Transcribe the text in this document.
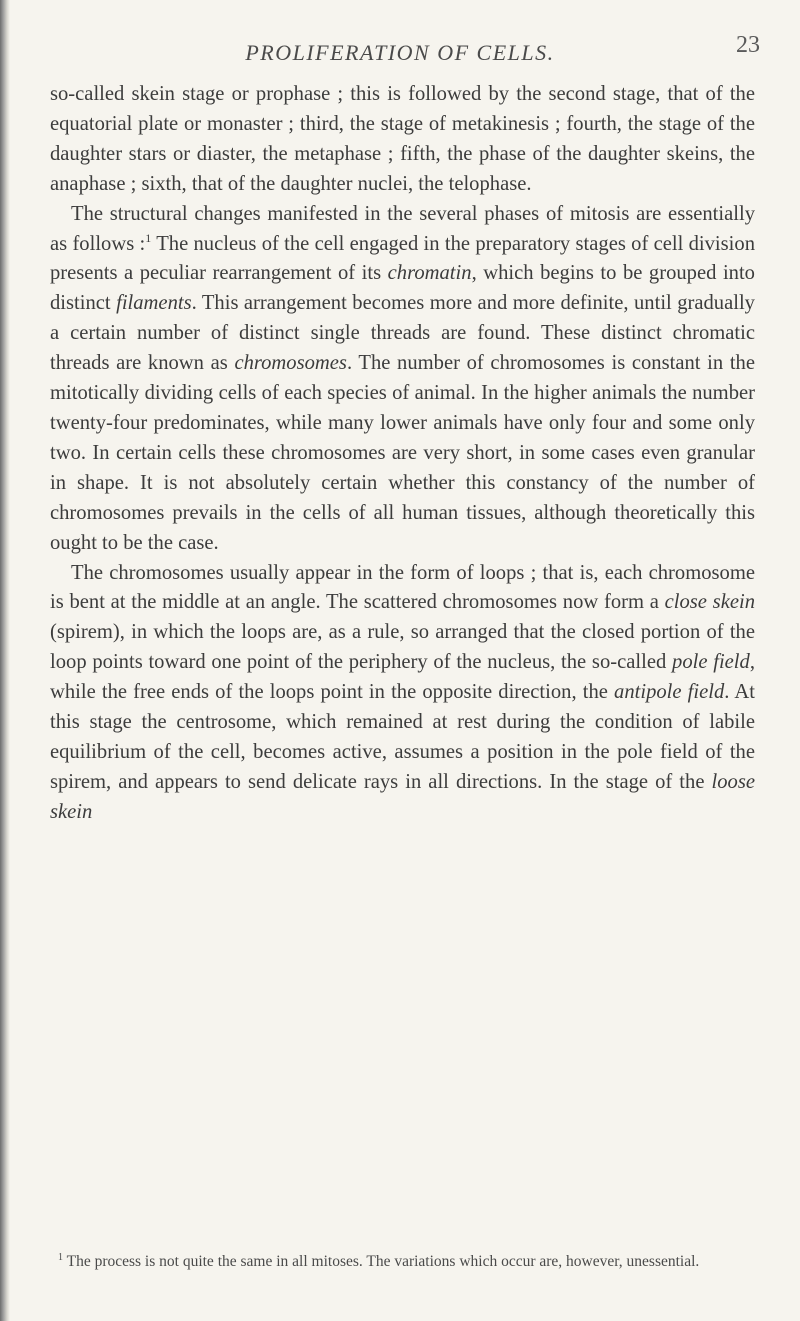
PROLIFERATION OF CELLS.	23

so-called skein stage or prophase ; this is followed by the second stage, that of the equatorial plate or monaster ; third, the stage of metakinesis ; fourth, the stage of the daughter stars or diaster, the metaphase ; fifth, the phase of the daughter skeins, the anaphase ; sixth, that of the daughter nuclei, the telophase.

The structural changes manifested in the several phases of mitosis are essentially as follows :$^1$ The nucleus of the cell engaged in the preparatory stages of cell division presents a peculiar rearrangement of its chromatin, which begins to be grouped into distinct filaments. This arrangement becomes more and more definite, until gradually a certain number of distinct single threads are found. These distinct chromatic threads are known as chromosomes. The number of chromosomes is constant in the mitotically dividing cells of each species of animal. In the higher animals the number twenty-four predominates, while many lower animals have only four and some only two. In certain cells these chromosomes are very short, in some cases even granular in shape. It is not absolutely certain whether this constancy of the number of chromosomes prevails in the cells of all human tissues, although theoretically this ought to be the case.

The chromosomes usually appear in the form of loops ; that is, each chromosome is bent at the middle at an angle. The scattered chromosomes now form a close skein (spirem), in which the loops are, as a rule, so arranged that the closed portion of the loop points toward one point of the periphery of the nucleus, the so-called pole field, while the free ends of the loops point in the opposite direction, the antipole field. At this stage the centrosome, which remained at rest during the condition of labile equilibrium of the cell, becomes active, assumes a position in the pole field of the spirem, and appears to send delicate rays in all directions. In the stage of the loose skein

$^1$ The process is not quite the same in all mitoses. The variations which occur are, however, unessential.
